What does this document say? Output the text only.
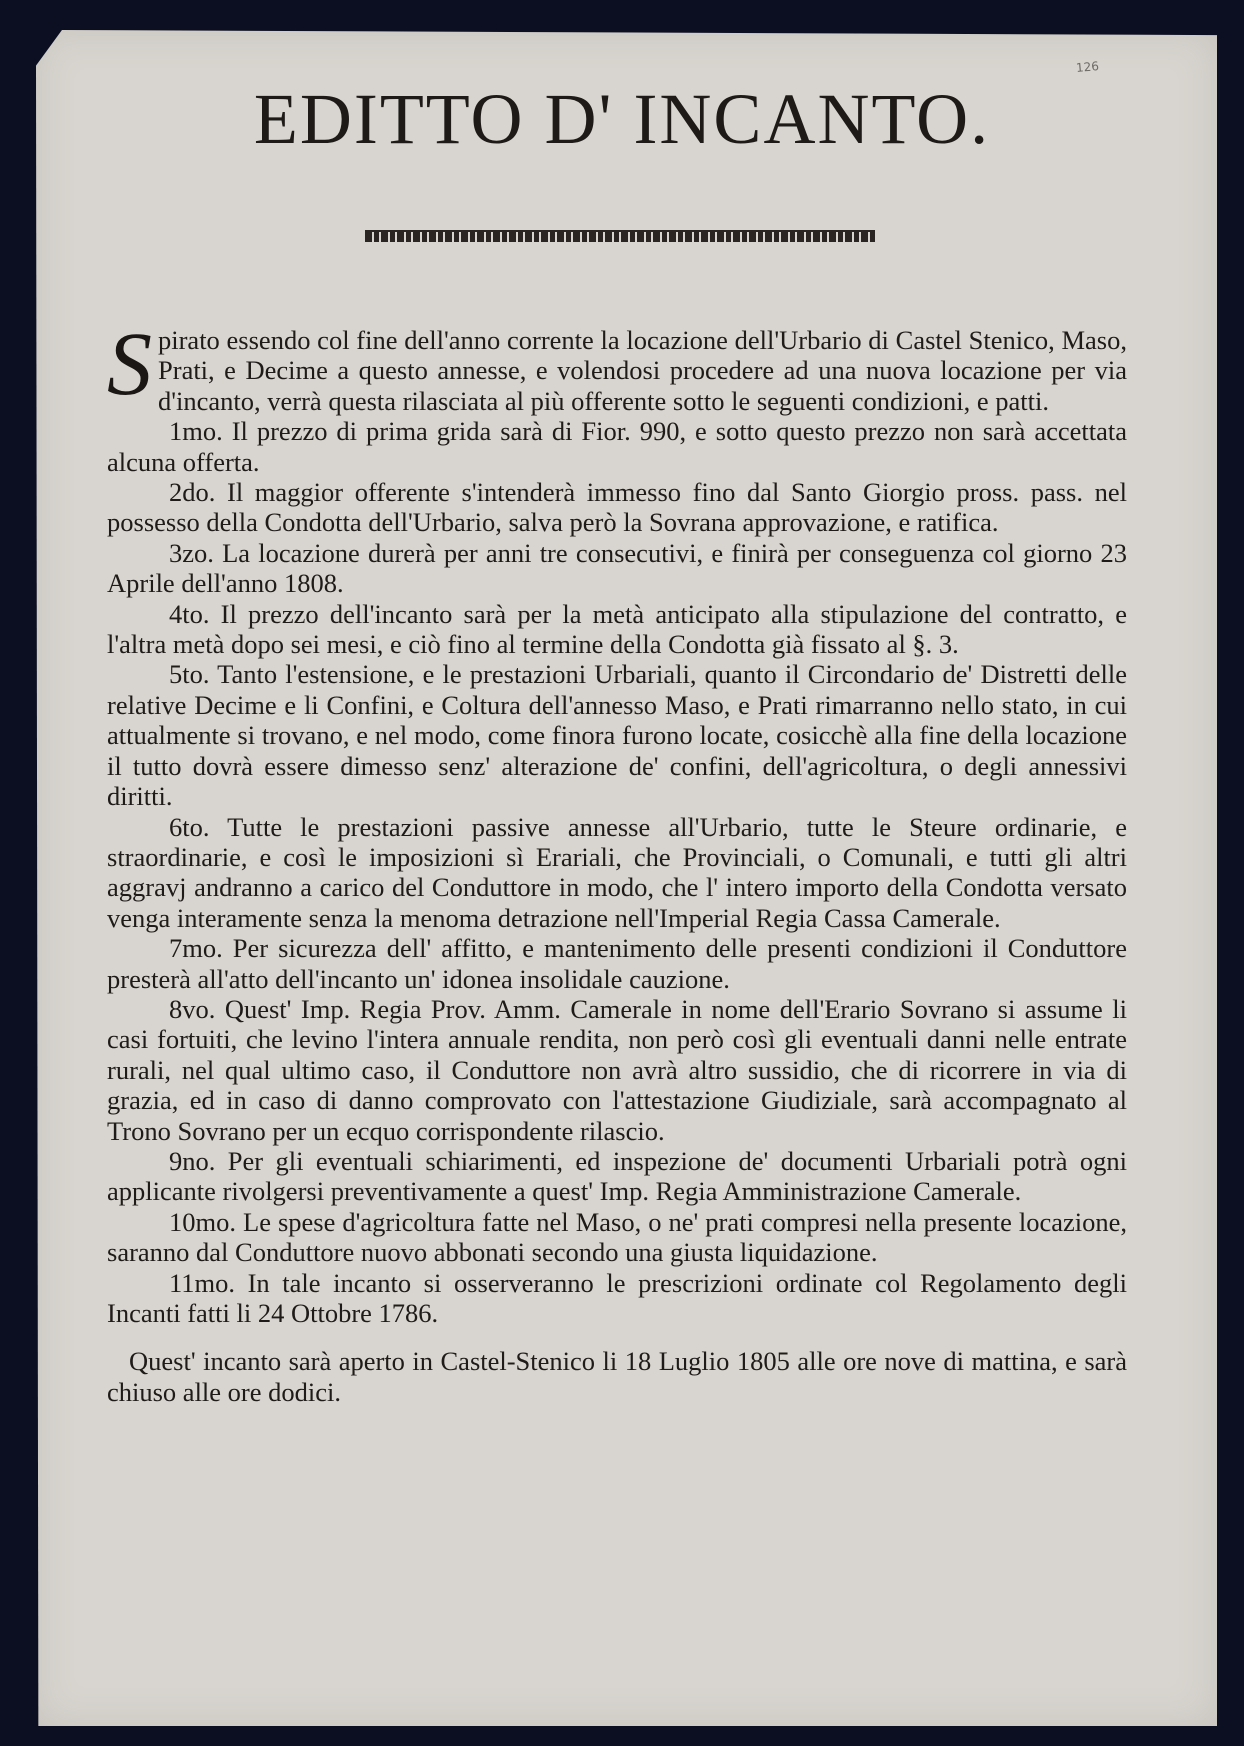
126
EDITTO D' INCANTO.

Spirato essendo col fine dell'anno corrente la locazione dell'Urbario di Castel Stenico, Maso, Prati, e Decime a questo annesse, e volendosi procedere ad una nuova locazione per via d'incanto, verrà questa rilasciata al più offerente sotto le seguenti condizioni, e patti.

1mo. Il prezzo di prima grida sarà di Fior. 990, e sotto questo prezzo non sarà accettata alcuna offerta.

2do. Il maggior offerente s'intenderà immesso fino dal Santo Giorgio pross. pass. nel possesso della Condotta dell'Urbario, salva però la Sovrana approvazione, e ratifica.

3zo. La locazione durerà per anni tre consecutivi, e finirà per conseguenza col giorno 23 Aprile dell'anno 1808.

4to. Il prezzo dell'incanto sarà per la metà anticipato alla stipulazione del contratto, e l'altra metà dopo sei mesi, e ciò fino al termine della Condotta già fissato al §. 3.

5to. Tanto l'estensione, e le prestazioni Urbariali, quanto il Circondario de' Distretti delle relative Decime e li Confini, e Coltura dell'annesso Maso, e Prati rimarranno nello stato, in cui attualmente si trovano, e nel modo, come finora furono locate, cosicchè alla fine della locazione il tutto dovrà essere dimesso senz' alterazione de' confini, dell'agricoltura, o degli annessivi diritti.

6to. Tutte le prestazioni passive annesse all'Urbario, tutte le Steure ordinarie, e straordinarie, e così le imposizioni sì Erariali, che Provinciali, o Comunali, e tutti gli altri aggravj andranno a carico del Conduttore in modo, che l' intero importo della Condotta versato venga interamente senza la menoma detrazione nell'Imperial Regia Cassa Camerale.

7mo. Per sicurezza dell' affitto, e mantenimento delle presenti condizioni il Conduttore presterà all'atto dell'incanto un' idonea insolidale cauzione.

8vo. Quest' Imp. Regia Prov. Amm. Camerale in nome dell'Erario Sovrano si assume li casi fortuiti, che levino l'intera annuale rendita, non però così gli eventuali danni nelle entrate rurali, nel qual ultimo caso, il Conduttore non avrà altro sussidio, che di ricorrere in via di grazia, ed in caso di danno comprovato con l'attestazione Giudiziale, sarà accompagnato al Trono Sovrano per un ecquo corrispondente rilascio.

9no. Per gli eventuali schiarimenti, ed inspezione de' documenti Urbariali potrà ogni applicante rivolgersi preventivamente a quest' Imp. Regia Amministrazione Camerale.

10mo. Le spese d'agricoltura fatte nel Maso, o ne' prati compresi nella presente locazione, saranno dal Conduttore nuovo abbonati secondo una giusta liquidazione.

11mo. In tale incanto si osserveranno le prescrizioni ordinate col Regolamento degli Incanti fatti li 24 Ottobre 1786.

Quest' incanto sarà aperto in Castel-Stenico li 18 Luglio 1805 alle ore nove di mattina, e sarà chiuso alle ore dodici.
